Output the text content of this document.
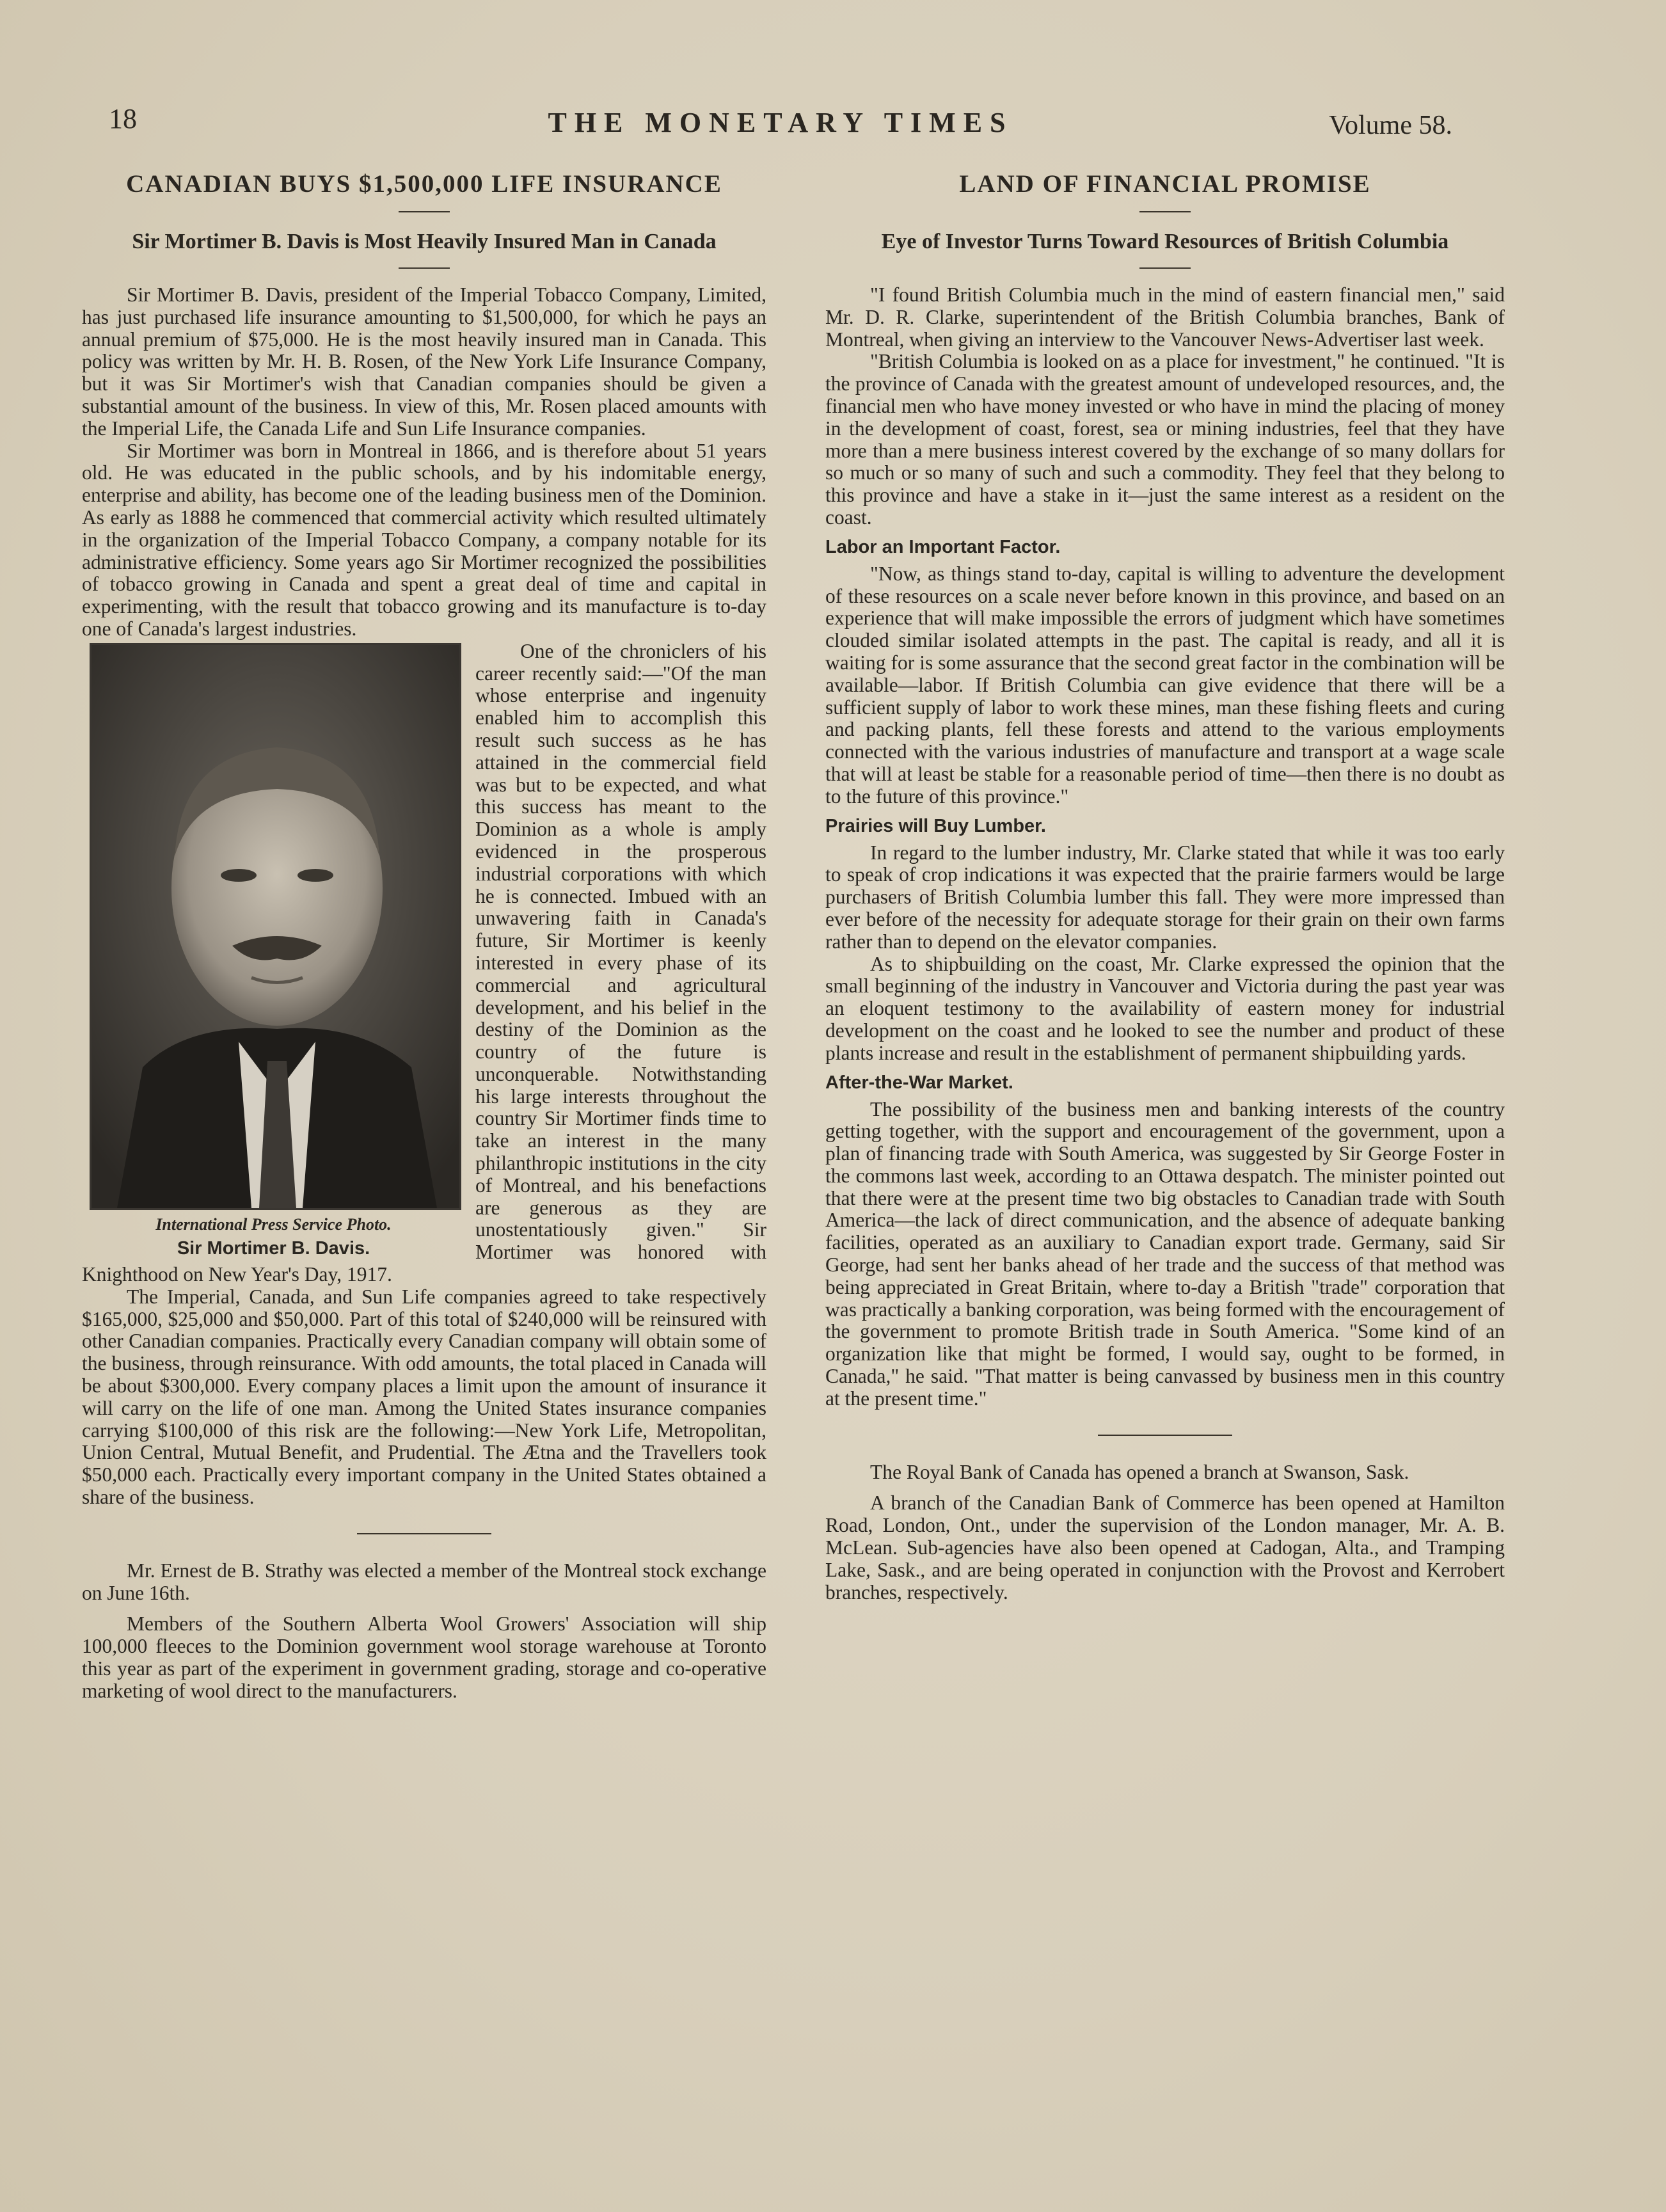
18	THE MONETARY TIMES	Volume 58.
CANADIAN BUYS $1,500,000 LIFE INSURANCE
Sir Mortimer B. Davis is Most Heavily Insured Man in Canada

Sir Mortimer B. Davis, president of the Imperial Tobacco Company, Limited, has just purchased life insurance amounting to $1,500,000, for which he pays an annual premium of $75,000. He is the most heavily insured man in Canada. This policy was written by Mr. H. B. Rosen, of the New York Life Insurance Company, but it was Sir Mortimer's wish that Canadian companies should be given a substantial amount of the business. In view of this, Mr. Rosen placed amounts with the Imperial Life, the Canada Life and Sun Life Insurance companies.

Sir Mortimer was born in Montreal in 1866, and is therefore about 51 years old. He was educated in the public schools, and by his indomitable energy, enterprise and ability, has become one of the leading business men of the Dominion. As early as 1888 he commenced that commercial activity which resulted ultimately in the organization of the Imperial Tobacco Company, a company notable for its administrative efficiency. Some years ago Sir Mortimer recognized the possibilities of tobacco growing in Canada and spent a great deal of time and capital in experimenting, with the result that tobacco growing and its manufacture is to-day one of Canada's largest industries.

International Press Service Photo.
Sir Mortimer B. Davis.

One of the chroniclers of his career recently said:—"Of the man whose enterprise and ingenuity enabled him to accomplish this result such success as he has attained in the commercial field was but to be expected, and what this success has meant to the Dominion as a whole is amply evidenced in the prosperous industrial corporations with which he is connected. Imbued with an unwavering faith in Canada's future, Sir Mortimer is keenly interested in every phase of its commercial and agricultural development, and his belief in the destiny of the Dominion as the country of the future is unconquerable. Notwithstanding his large interests throughout the country Sir Mortimer finds time to take an interest in the many philanthropic institutions in the city of Montreal, and his benefactions are generous as they are unostentatiously given." Sir Mortimer was honored with Knighthood on New Year's Day, 1917.

The Imperial, Canada, and Sun Life companies agreed to take respectively $165,000, $25,000 and $50,000. Part of this total of $240,000 will be reinsured with other Canadian companies. Practically every Canadian company will obtain some of the business, through reinsurance. With odd amounts, the total placed in Canada will be about $300,000. Every company places a limit upon the amount of insurance it will carry on the life of one man. Among the United States insurance companies carrying $100,000 of this risk are the following:—New York Life, Metropolitan, Union Central, Mutual Benefit, and Prudential. The Ætna and the Travellers took $50,000 each. Practically every important company in the United States obtained a share of the business.

Mr. Ernest de B. Strathy was elected a member of the Montreal stock exchange on June 16th.

Members of the Southern Alberta Wool Growers' Association will ship 100,000 fleeces to the Dominion government wool storage warehouse at Toronto this year as part of the experiment in government grading, storage and co-operative marketing of wool direct to the manufacturers.

LAND OF FINANCIAL PROMISE
Eye of Investor Turns Toward Resources of British Columbia

"I found British Columbia much in the mind of eastern financial men," said Mr. D. R. Clarke, superintendent of the British Columbia branches, Bank of Montreal, when giving an interview to the Vancouver News-Advertiser last week.

"British Columbia is looked on as a place for investment," he continued. "It is the province of Canada with the greatest amount of undeveloped resources, and, the financial men who have money invested or who have in mind the placing of money in the development of coast, forest, sea or mining industries, feel that they have more than a mere business interest covered by the exchange of so many dollars for so much or so many of such and such a commodity. They feel that they belong to this province and have a stake in it—just the same interest as a resident on the coast.

Labor an Important Factor.

"Now, as things stand to-day, capital is willing to adventure the development of these resources on a scale never before known in this province, and based on an experience that will make impossible the errors of judgment which have sometimes clouded similar isolated attempts in the past. The capital is ready, and all it is waiting for is some assurance that the second great factor in the combination will be available—labor. If British Columbia can give evidence that there will be a sufficient supply of labor to work these mines, man these fishing fleets and curing and packing plants, fell these forests and attend to the various employments connected with the various industries of manufacture and transport at a wage scale that will at least be stable for a reasonable period of time—then there is no doubt as to the future of this province."

Prairies will Buy Lumber.

In regard to the lumber industry, Mr. Clarke stated that while it was too early to speak of crop indications it was expected that the prairie farmers would be large purchasers of British Columbia lumber this fall. They were more impressed than ever before of the necessity for adequate storage for their grain on their own farms rather than to depend on the elevator companies.

As to shipbuilding on the coast, Mr. Clarke expressed the opinion that the small beginning of the industry in Vancouver and Victoria during the past year was an eloquent testimony to the availability of eastern money for industrial development on the coast and he looked to see the number and product of these plants increase and result in the establishment of permanent shipbuilding yards.

After-the-War Market.

The possibility of the business men and banking interests of the country getting together, with the support and encouragement of the government, upon a plan of financing trade with South America, was suggested by Sir George Foster in the commons last week, according to an Ottawa despatch. The minister pointed out that there were at the present time two big obstacles to Canadian trade with South America—the lack of direct communication, and the absence of adequate banking facilities, operated as an auxiliary to Canadian export trade. Germany, said Sir George, had sent her banks ahead of her trade and the success of that method was being appreciated in Great Britain, where to-day a British "trade" corporation that was practically a banking corporation, was being formed with the encouragement of the government to promote British trade in South America. "Some kind of an organization like that might be formed, I would say, ought to be formed, in Canada," he said. "That matter is being canvassed by business men in this country at the present time."

The Royal Bank of Canada has opened a branch at Swanson, Sask.

A branch of the Canadian Bank of Commerce has been opened at Hamilton Road, London, Ont., under the supervision of the London manager, Mr. A. B. McLean. Sub-agencies have also been opened at Cadogan, Alta., and Tramping Lake, Sask., and are being operated in conjunction with the Provost and Kerrobert branches, respectively.
